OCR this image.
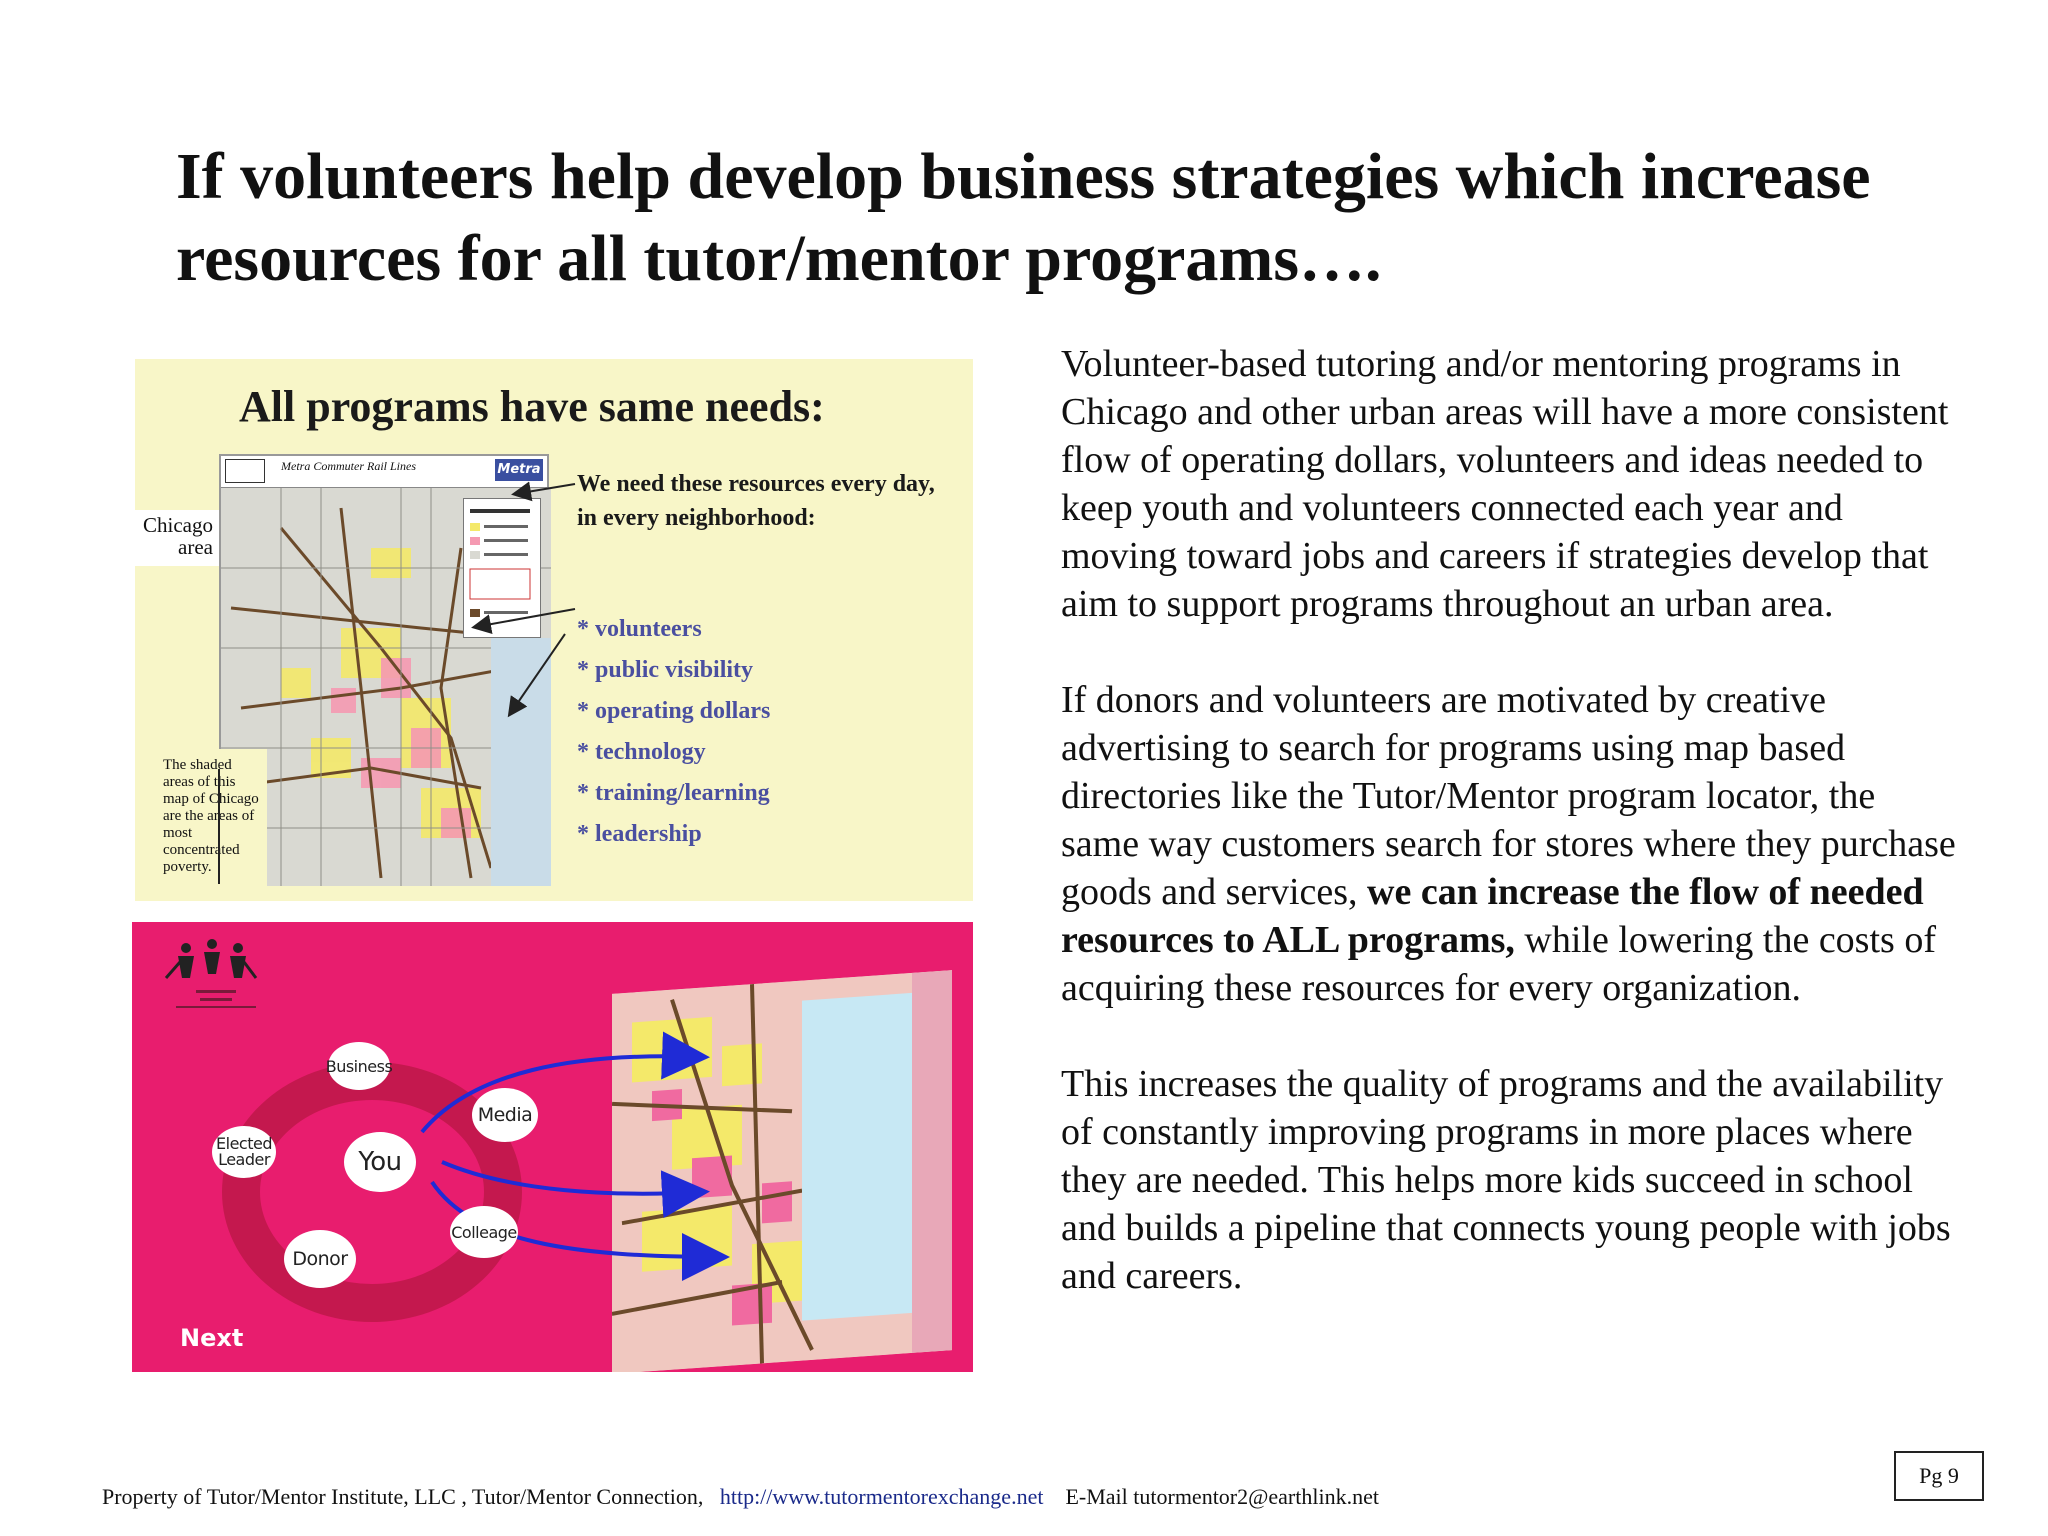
If volunteers help develop business strategies which increase
resources for all tutor/mentor programs….
All programs have same needs:
Chicago
area
Metra Commuter Rail Lines	Metra
The shaded areas of this map of Chicago are the areas of most concentrated poverty.
We need these resources every day, in every neighborhood:
* volunteers
* public visibility
* operating dollars
* technology
* training/learning
* leadership
Business
Media
Elected Leader	You
Colleage
Donor
Next

Volunteer-based tutoring and/or mentoring programs in Chicago and other urban areas will have a more consistent flow of operating dollars, volunteers and ideas needed to keep youth and volunteers connected each year and moving toward jobs and careers if strategies develop that aim to support programs throughout an urban area.

If donors and volunteers are motivated by creative advertising to search for programs using map based directories like the Tutor/Mentor program locator, the same way customers search for stores where they purchase goods and services, we can increase the flow of needed resources to ALL programs, while lowering the costs of acquiring these resources for every organization.

This increases the quality of programs and the availability of constantly improving programs in more places where they are needed. This helps more kids succeed in school and builds a pipeline that connects young people with jobs and careers.

Property of Tutor/Mentor Institute, LLC , Tutor/Mentor Connection, http://www.tutormentorexchange.net E-Mail tutormentor2@earthlink.net
Pg 9
